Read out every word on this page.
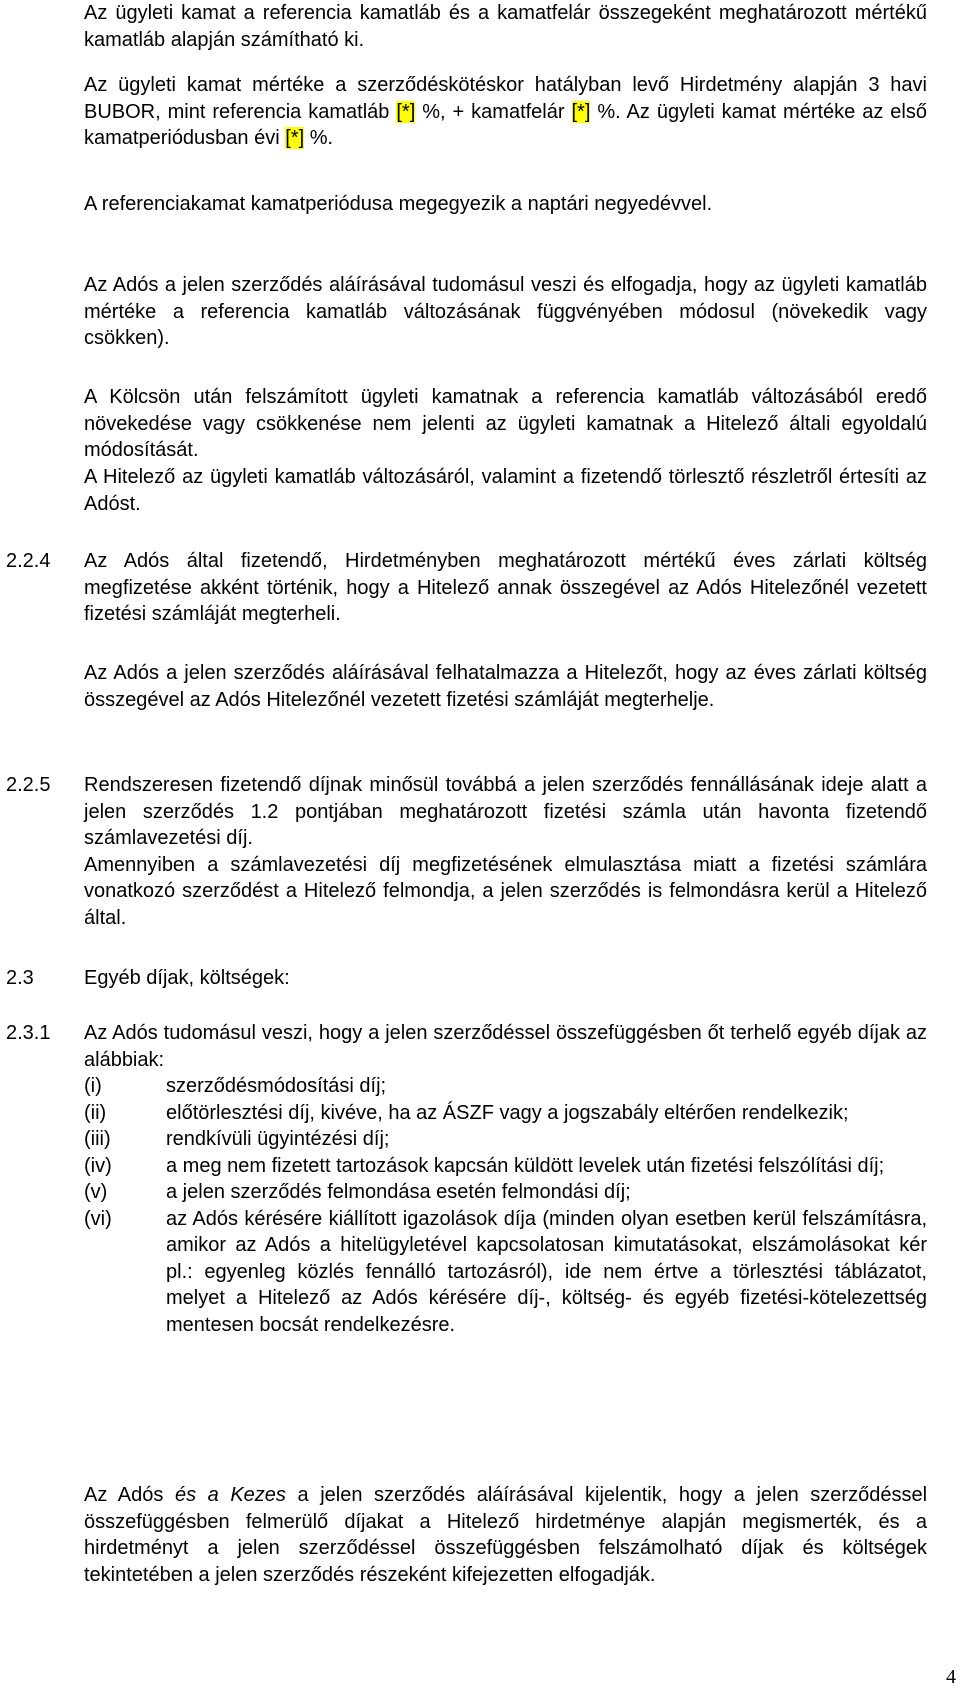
Az ügyleti kamat a referencia kamatláb és a kamatfelár összegeként meghatározott mértékű kamatláb alapján számítható ki.

Az ügyleti kamat mértéke a szerződéskötéskor hatályban levő Hirdetmény alapján 3 havi BUBOR, mint referencia kamatláb [*] %, + kamatfelár [*] %. Az ügyleti kamat mértéke az első kamatperiódusban évi [*] %.

A referenciakamat kamatperiódusa megegyezik a naptári negyedévvel.

Az Adós a jelen szerződés aláírásával tudomásul veszi és elfogadja, hogy az ügyleti kamatláb mértéke a referencia kamatláb változásának függvényében módosul (növekedik vagy csökken).

A Kölcsön után felszámított ügyleti kamatnak a referencia kamatláb változásából eredő növekedése vagy csökkenése nem jelenti az ügyleti kamatnak a Hitelező általi egyoldalú módosítását.

A Hitelező az ügyleti kamatláb változásáról, valamint a fizetendő törlesztő részletről értesíti az Adóst.

2.2.4	Az Adós által fizetendő, Hirdetményben meghatározott mértékű éves zárlati költség megfizetése akként történik, hogy a Hitelező annak összegével az Adós Hitelezőnél vezetett fizetési számláját megterheli.

Az Adós a jelen szerződés aláírásával felhatalmazza a Hitelezőt, hogy az éves zárlati költség összegével az Adós Hitelezőnél vezetett fizetési számláját megterhelje.

2.2.5	Rendszeresen fizetendő díjnak minősül továbbá a jelen szerződés fennállásának ideje alatt a jelen szerződés 1.2 pontjában meghatározott fizetési számla után havonta fizetendő számlavezetési díj.

Amennyiben a számlavezetési díj megfizetésének elmulasztása miatt a fizetési számlára vonatkozó szerződést a Hitelező felmondja, a jelen szerződés is felmondásra kerül a Hitelező által.

2.3	Egyéb díjak, költségek:

2.3.1	Az Adós tudomásul veszi, hogy a jelen szerződéssel összefüggésben őt terhelő egyéb díjak az alábbiak:

(i)	szerződésmódosítási díj;
(ii)	előtörlesztési díj, kivéve, ha az ÁSZF vagy a jogszabály eltérően rendelkezik;
(iii)	rendkívüli ügyintézési díj;
(iv)	a meg nem fizetett tartozások kapcsán küldött levelek után fizetési felszólítási díj;
(v)	a jelen szerződés felmondása esetén felmondási díj;
(vi)	az Adós kérésére kiállított igazolások díja (minden olyan esetben kerül felszámításra, amikor az Adós a hitelügyletével kapcsolatosan kimutatásokat, elszámolásokat kér pl.: egyenleg közlés fennálló tartozásról), ide nem értve a törlesztési táblázatot, melyet a Hitelező az Adós kérésére díj-, költség- és egyéb fizetési-kötelezettség mentesen bocsát rendelkezésre.

Az Adós és a Kezes a jelen szerződés aláírásával kijelentik, hogy a jelen szerződéssel összefüggésben felmerülő díjakat a Hitelező hirdetménye alapján megismerték, és a hirdetményt a jelen szerződéssel összefüggésben felszámolható díjak és költségek tekintetében a jelen szerződés részeként kifejezetten elfogadják.

4
